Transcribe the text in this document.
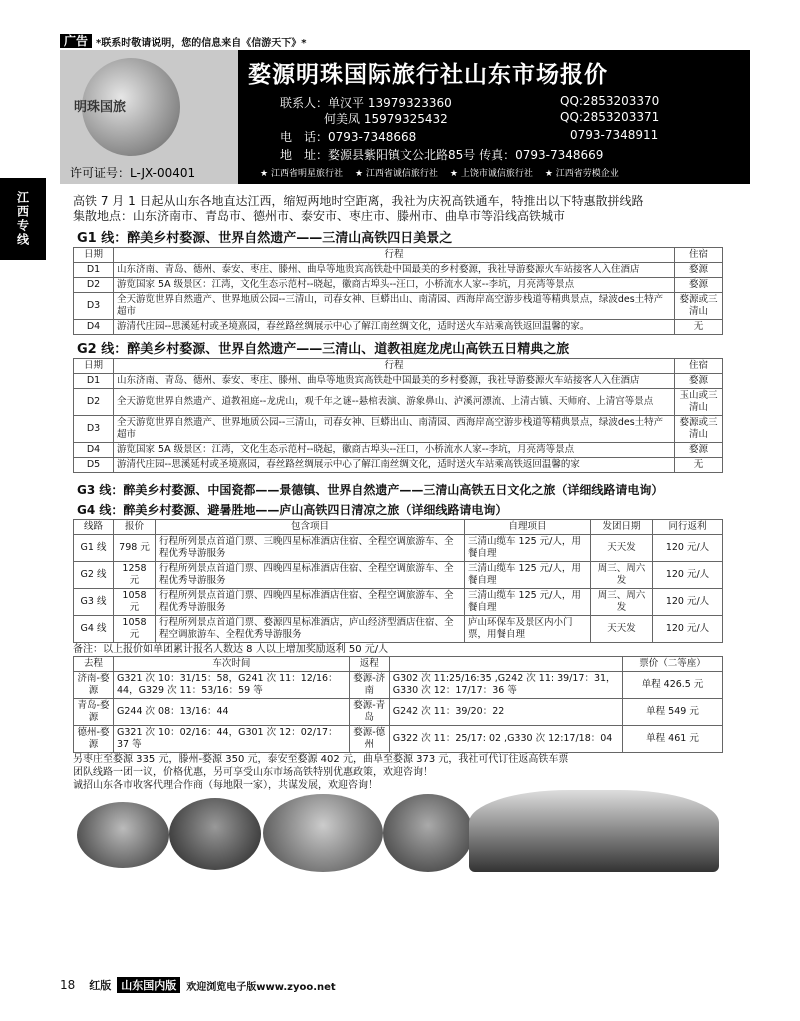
广告 *联系时敬请说明，您的信息来自《信游天下》*
明珠国旅
许可证号：L-JX-00401
婺源明珠国际旅行社山东市场报价
联系人：单汉平 13979323360	QQ:2853203370
何美凤 15979325432	QQ:2853203371
电　话：0793-7348668	0793-7348911
地　址：婺源县紫阳镇文公北路85号 传真：0793-7348669
★ 江西省明星旅行社	★ 江西省诚信旅行社	★ 上饶市诚信旅行社	★ 江西省劳模企业
江西专线	高铁 7 月 1 日起从山东各地直达江西，缩短两地时空距离，我社为庆祝高铁通车，特推出以下特惠散拼线路
集散地点：山东济南市、青岛市、德州市、泰安市、枣庄市、滕州市、曲阜市等沿线高铁城市
G1 线：醉美乡村婺源、世界自然遗产——三清山高铁四日美景之
日期	行程	住宿
D1	山东济南、青岛、德州、泰安、枣庄、滕州、曲阜等地贵宾高铁赴中国最美的乡村婺源，我社导游婺源火车站接客人入住酒店	婺源
D2	游览国家 5A 级景区：江湾，文化生态示范村--晓起，徽商古埠头--汪口，小桥流水人家--李坑，月亮湾等景点	婺源
D3	全天游览世界自然遗产、世界地质公园--三清山，司春女神、巨蟒出山、南清园、西海岸高空游步栈道等精典景点，绿波des土特产超市	婺源或三清山
D4	游清代庄园--思溪延村或圣境熹园，春丝路丝绸展示中心了解江南丝绸文化，适时送火车站乘高铁返回温馨的家。	无
G2 线：醉美乡村婺源、世界自然遗产——三清山、道教祖庭龙虎山高铁五日精典之旅
日期	行程	住宿
D1	山东济南、青岛、德州、泰安、枣庄、滕州、曲阜等地贵宾高铁赴中国最美的乡村婺源，我社导游婺源火车站接客人入住酒店	婺源
D2	全天游览世界自然遗产、道教祖庭--龙虎山，观千年之谜--悬棺表演、游象鼻山、泸溪河漂流、上清古镇、天师府、上清宫等景点	玉山或三清山
D3	全天游览世界自然遗产、世界地质公园--三清山，司春女神、巨蟒出山、南清园、西海岸高空游步栈道等精典景点，绿波des土特产超市	婺源或三清山
D4	游览国家 5A 级景区：江湾，文化生态示范村--晓起，徽商古埠头--汪口，小桥流水人家--李坑，月亮湾等景点	婺源
D5	游清代庄园--思溪延村或圣境熹园，春丝路丝绸展示中心了解江南丝绸文化，适时送火车站乘高铁返回温馨的家	无
G3 线：醉美乡村婺源、中国瓷都——景德镇、世界自然遗产——三清山高铁五日文化之旅（详细线路请电询）
G4 线：醉美乡村婺源、避暑胜地——庐山高铁四日清凉之旅（详细线路请电询）
线路	报价	包含项目	自理项目	发团日期	同行返利
G1 线	798 元	行程所列景点首道门票、三晚四星标准酒店住宿、全程空调旅游车、全程优秀导游服务	三清山缆车 125 元/人，用餐自理	天天发	120 元/人
G2 线	1258 元	行程所列景点首道门票、四晚四星标准酒店住宿、全程空调旅游车、全程优秀导游服务	三清山缆车 125 元/人，用餐自理	周三、周六发	120 元/人
G3 线	1058 元	行程所列景点首道门票、四晚四星标准酒店住宿、全程空调旅游车、全程优秀导游服务	三清山缆车 125 元/人，用餐自理	周三、周六发	120 元/人
G4 线	1058 元	行程所列景点首道门票、婺源四星标准酒店，庐山经济型酒店住宿、全程空调旅游车、全程优秀导游服务	庐山环保车及景区内小门票，用餐自理	天天发	120 元/人
备注：以上报价如单团累计报名人数达 8 人以上增加奖励返利 50 元/人
去程	车次时间	返程		票价（二等座）
济南-婺源	G321 次 10：31/15：58，G241 次 11：12/16：44，G329 次 11：53/16：59 等	婺源-济南	G302 次 11:25/16:35 ,G242 次 11: 39/17：31，G330 次 12：17/17：36 等	单程 426.5 元
青岛-婺源	G244 次 08：13/16：44	婺源-青岛	G242 次 11：39/20：22	单程 549 元
德州-婺源	G321 次 10：02/16：44，G301 次 12：02/17：37 等	婺源-德州	G322 次 11：25/17: 02 ,G330 次 12:17/18：04	单程 461 元
另枣庄至婺源 335 元，滕州-婺源 350 元，泰安至婺源 402 元，曲阜至婺源 373 元，我社可代订往返高铁车票
团队线路一团一议，价格优惠，另可享受山东市场高铁特别优惠政策，欢迎咨询！
诚招山东各市收客代理合作商（每地限一家），共谋发展，欢迎咨询！
18 红版 山东国内版	欢迎浏览电子版www.zyoo.net
